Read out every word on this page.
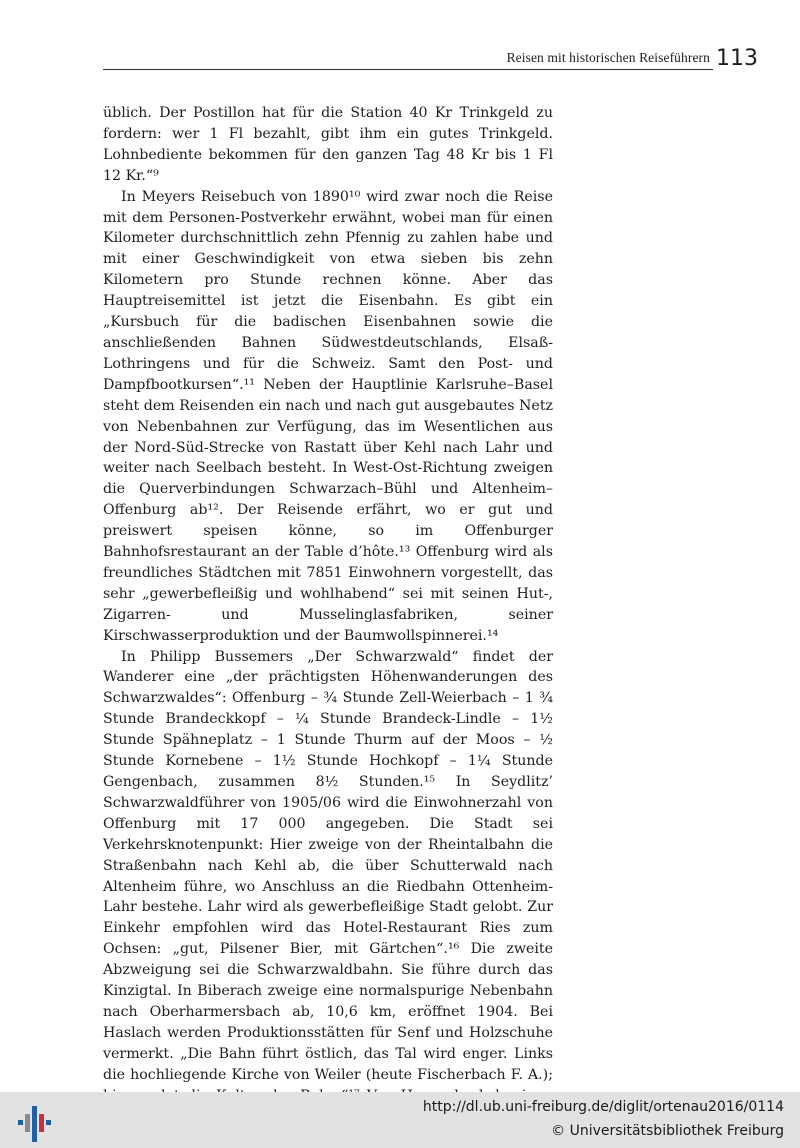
Reisen mit historischen Reiseführern 113

üblich. Der Postillon hat für die Station 40 Kr Trinkgeld zu fordern: wer 1 Fl bezahlt, gibt ihm ein gutes Trinkgeld. Lohnbediente bekommen für den ganzen Tag 48 Kr bis 1 Fl 12 Kr.“⁹

In Meyers Reisebuch von 1890¹⁰ wird zwar noch die Reise mit dem Personen-Postverkehr erwähnt, wobei man für einen Kilometer durchschnittlich zehn Pfennig zu zahlen habe und mit einer Geschwindigkeit von etwa sieben bis zehn Kilometern pro Stunde rechnen könne. Aber das Hauptreisemittel ist jetzt die Eisenbahn. Es gibt ein „Kursbuch für die badischen Eisenbahnen sowie die anschließenden Bahnen Südwestdeutschlands, Elsaß-Lothringens und für die Schweiz. Samt den Post- und Dampfbootkursen“.¹¹ Neben der Hauptlinie Karlsruhe–Basel steht dem Reisenden ein nach und nach gut ausgebautes Netz von Nebenbahnen zur Verfügung, das im Wesentlichen aus der Nord-Süd-Strecke von Rastatt über Kehl nach Lahr und weiter nach Seelbach besteht. In West-Ost-Richtung zweigen die Querverbindungen Schwarzach–Bühl und Altenheim–Offenburg ab¹². Der Reisende erfährt, wo er gut und preiswert speisen könne, so im Offenburger Bahnhofsrestaurant an der Table d’hôte.¹³ Offenburg wird als freundliches Städtchen mit 7851 Einwohnern vorgestellt, das sehr „gewerbefleißig und wohlhabend“ sei mit seinen Hut-, Zigarren- und Musselinglasfabriken, seiner Kirschwasserproduktion und der Baumwollspinnerei.¹⁴

In Philipp Bussemers „Der Schwarzwald“ findet der Wanderer eine „der prächtigsten Höhenwanderungen des Schwarzwaldes“: Offenburg – ¾ Stunde Zell-Weierbach – 1 ¾ Stunde Brandeckkopf – ¼ Stunde Brandeck-Lindle – 1½ Stunde Spähneplatz – 1 Stunde Thurm auf der Moos – ½ Stunde Kornebene – 1½ Stunde Hochkopf – 1¼ Stunde Gengenbach, zusammen 8½ Stunden.¹⁵ In Seydlitz’ Schwarzwaldführer von 1905/06 wird die Einwohnerzahl von Offenburg mit 17 000 angegeben. Die Stadt sei Verkehrsknotenpunkt: Hier zweige von der Rheintalbahn die Straßenbahn nach Kehl ab, die über Schutterwald nach Altenheim führe, wo Anschluss an die Riedbahn Ottenheim-Lahr bestehe. Lahr wird als gewerbefleißige Stadt gelobt. Zur Einkehr empfohlen wird das Hotel-Restaurant Ries zum Ochsen: „gut, Pilsener Bier, mit Gärtchen“.¹⁶ Die zweite Abzweigung sei die Schwarzwaldbahn. Sie führe durch das Kinzigtal. In Biberach zweige eine normalspurige Nebenbahn nach Oberharmersbach ab, 10,6 km, eröffnet 1904. Bei Haslach werden Produktionsstätten für Senf und Holzschuhe vermerkt. „Die Bahn führt östlich, das Tal wird enger. Links die hochliegende Kirche von Weiler (heute Fischerbach F. A.);

http://dl.ub.uni-freiburg.de/diglit/ortenau2016/0114
© Universitätsbibliothek Freiburg
